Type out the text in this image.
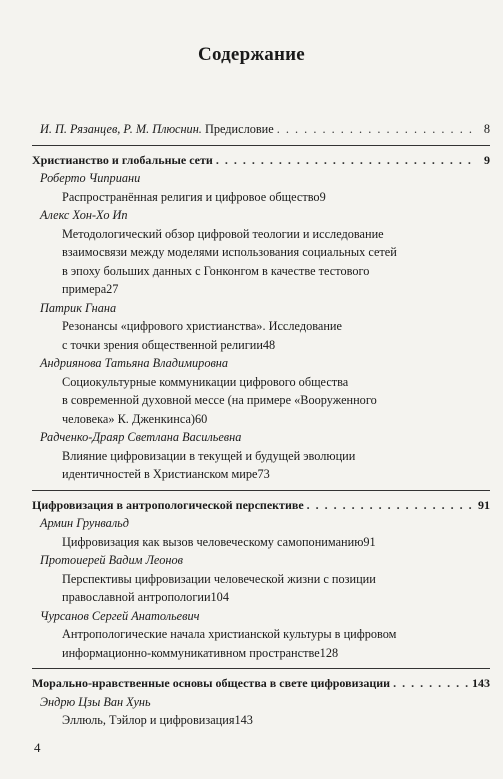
Содержание
И. П. Рязанцев, Р. М. Плюснин. Предисловие . . .	8
Христианство и глобальные сети . . .	9
Роберто Чиприани
Распространённая религия и цифровое общество 9
Алекс Хон-Хо Ип
Методологический обзор цифровой теологии и исследование
взаимосвязи между моделями использования социальных сетей
в эпоху больших данных с Гонконгом в качестве тестового
примера 27
Патрик Гнана
Резонансы «цифрового христианства». Исследование
с точки зрения общественной религии 48
Андриянова Татьяна Владимировна
Социокультурные коммуникации цифрового общества
в современной духовной мессе (на примере «Вооруженного
человека» К. Дженкинса) 60
Радченко-Драяр Светлана Васильевна
Влияние цифровизации в текущей и будущей эволюции
идентичностей в Христианском мире 73
Цифровизация в антропологической перспективе . . .	91
Армин Грунвальд
Цифровизация как вызов человеческому самопониманию 91
Протоиерей Вадим Леонов
Перспективы цифровизации человеческой жизни с позиции
православной антропологии 104
Чурсанов Сергей Анатольевич
Антропологические начала христианской культуры в цифровом
информационно-коммуникативном пространстве 128
Морально-нравственные основы общества в свете цифровизации . . .	143
Эндрю Цзы Ван Хунь
Эллюль, Тэйлор и цифровизация 143
4
